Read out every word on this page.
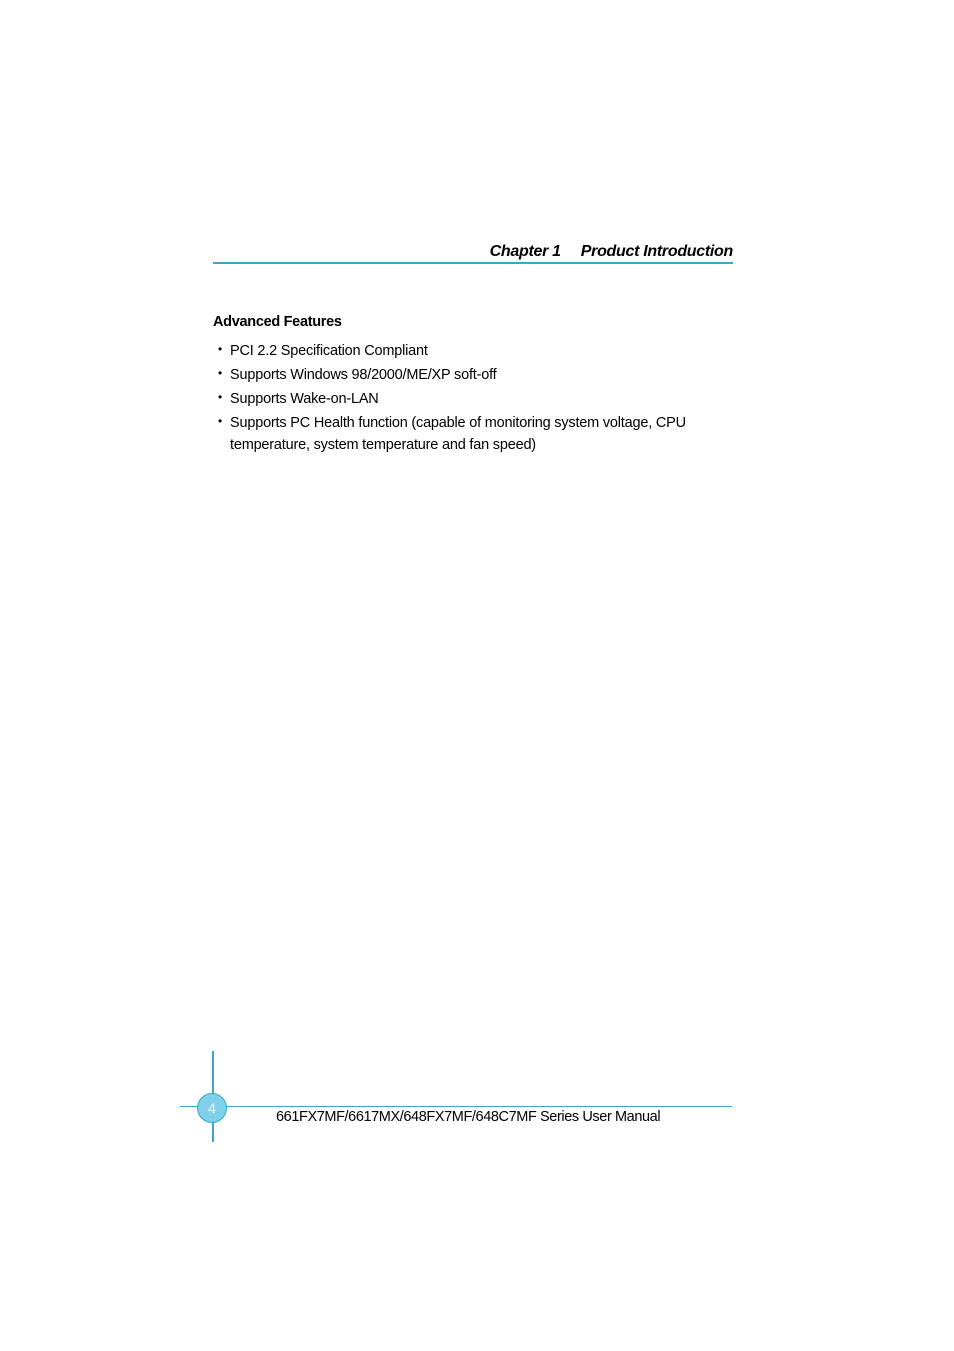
Chapter 1 Product Introduction
Advanced Features
• PCI 2.2 Specification Compliant
• Supports Windows 98/2000/ME/XP soft-off
• Supports Wake-on-LAN
• Supports PC Health function (capable of monitoring system voltage, CPU temperature, system temperature and fan speed)
4
661FX7MF/6617MX/648FX7MF/648C7MF Series User Manual
